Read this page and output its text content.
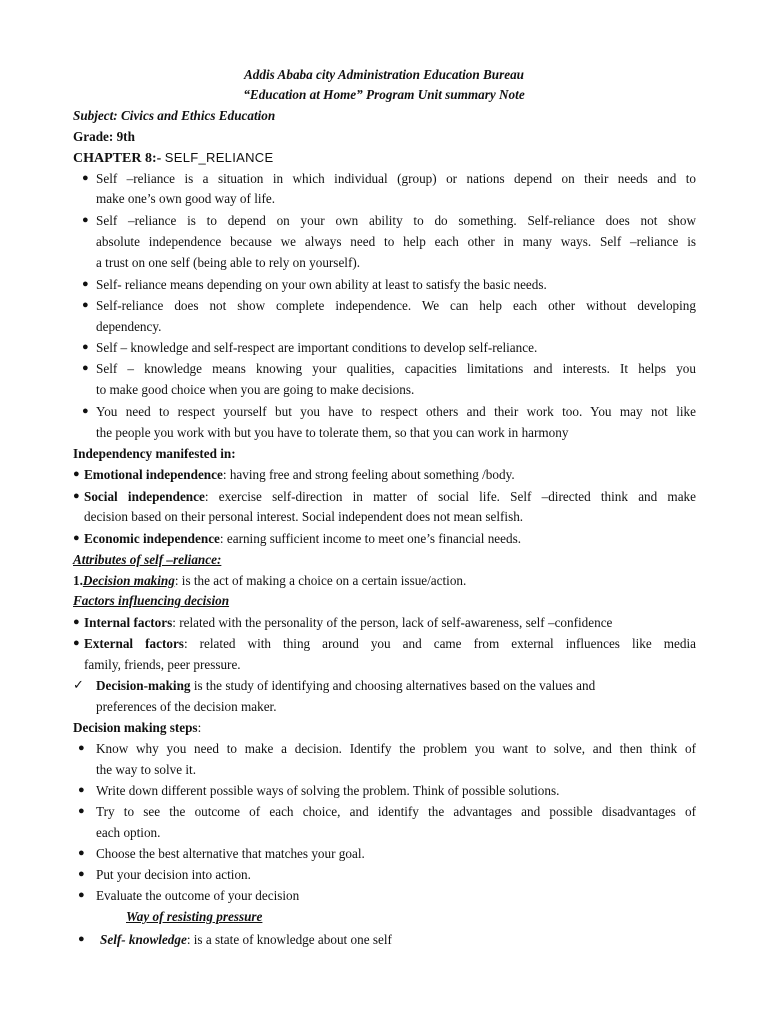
Addis Ababa city Administration Education Bureau
“Education at Home” Program Unit summary Note
Subject: Civics and Ethics Education
Grade: 9th
CHAPTER 8:- SELF_RELIANCE
● Self –reliance is a situation in which individual (group) or nations depend on their needs and to
make one’s own good way of life.
● Self –reliance is to depend on your own ability to do something. Self-reliance does not show
absolute independence because we always need to help each other in many ways. Self –reliance is
a trust on one self (being able to rely on yourself).
● Self- reliance means depending on your own ability at least to satisfy the basic needs.
● Self-reliance does not show complete independence. We can help each other without developing
dependency.
● Self – knowledge and self-respect are important conditions to develop self-reliance.
● Self – knowledge means knowing your qualities, capacities limitations and interests. It helps you
to make good choice when you are going to make decisions.
● You need to respect yourself but you have to respect others and their work too. You may not like
the people you work with but you have to tolerate them, so that you can work in harmony
Independency manifested in:
● Emotional independence: having free and strong feeling about something /body.
● Social independence: exercise self-direction in matter of social life. Self –directed think and make
decision based on their personal interest. Social independent does not mean selfish.
● Economic independence: earning sufficient income to meet one’s financial needs.
Attributes of self –reliance:
1.Decision making: is the act of making a choice on a certain issue/action.
Factors influencing decision
● Internal factors: related with the personality of the person, lack of self-awareness, self –confidence
● External factors: related with thing around you and came from external influences like media
family, friends, peer pressure.
✓ Decision-making is the study of identifying and choosing alternatives based on the values and
preferences of the decision maker.
Decision making steps:
● Know why you need to make a decision. Identify the problem you want to solve, and then think of
the way to solve it.
● Write down different possible ways of solving the problem. Think of possible solutions.
● Try to see the outcome of each choice, and identify the advantages and possible disadvantages of
each option.
● Choose the best alternative that matches your goal.
● Put your decision into action.
● Evaluate the outcome of your decision
Way of resisting pressure
● Self- knowledge: is a state of knowledge about one self
